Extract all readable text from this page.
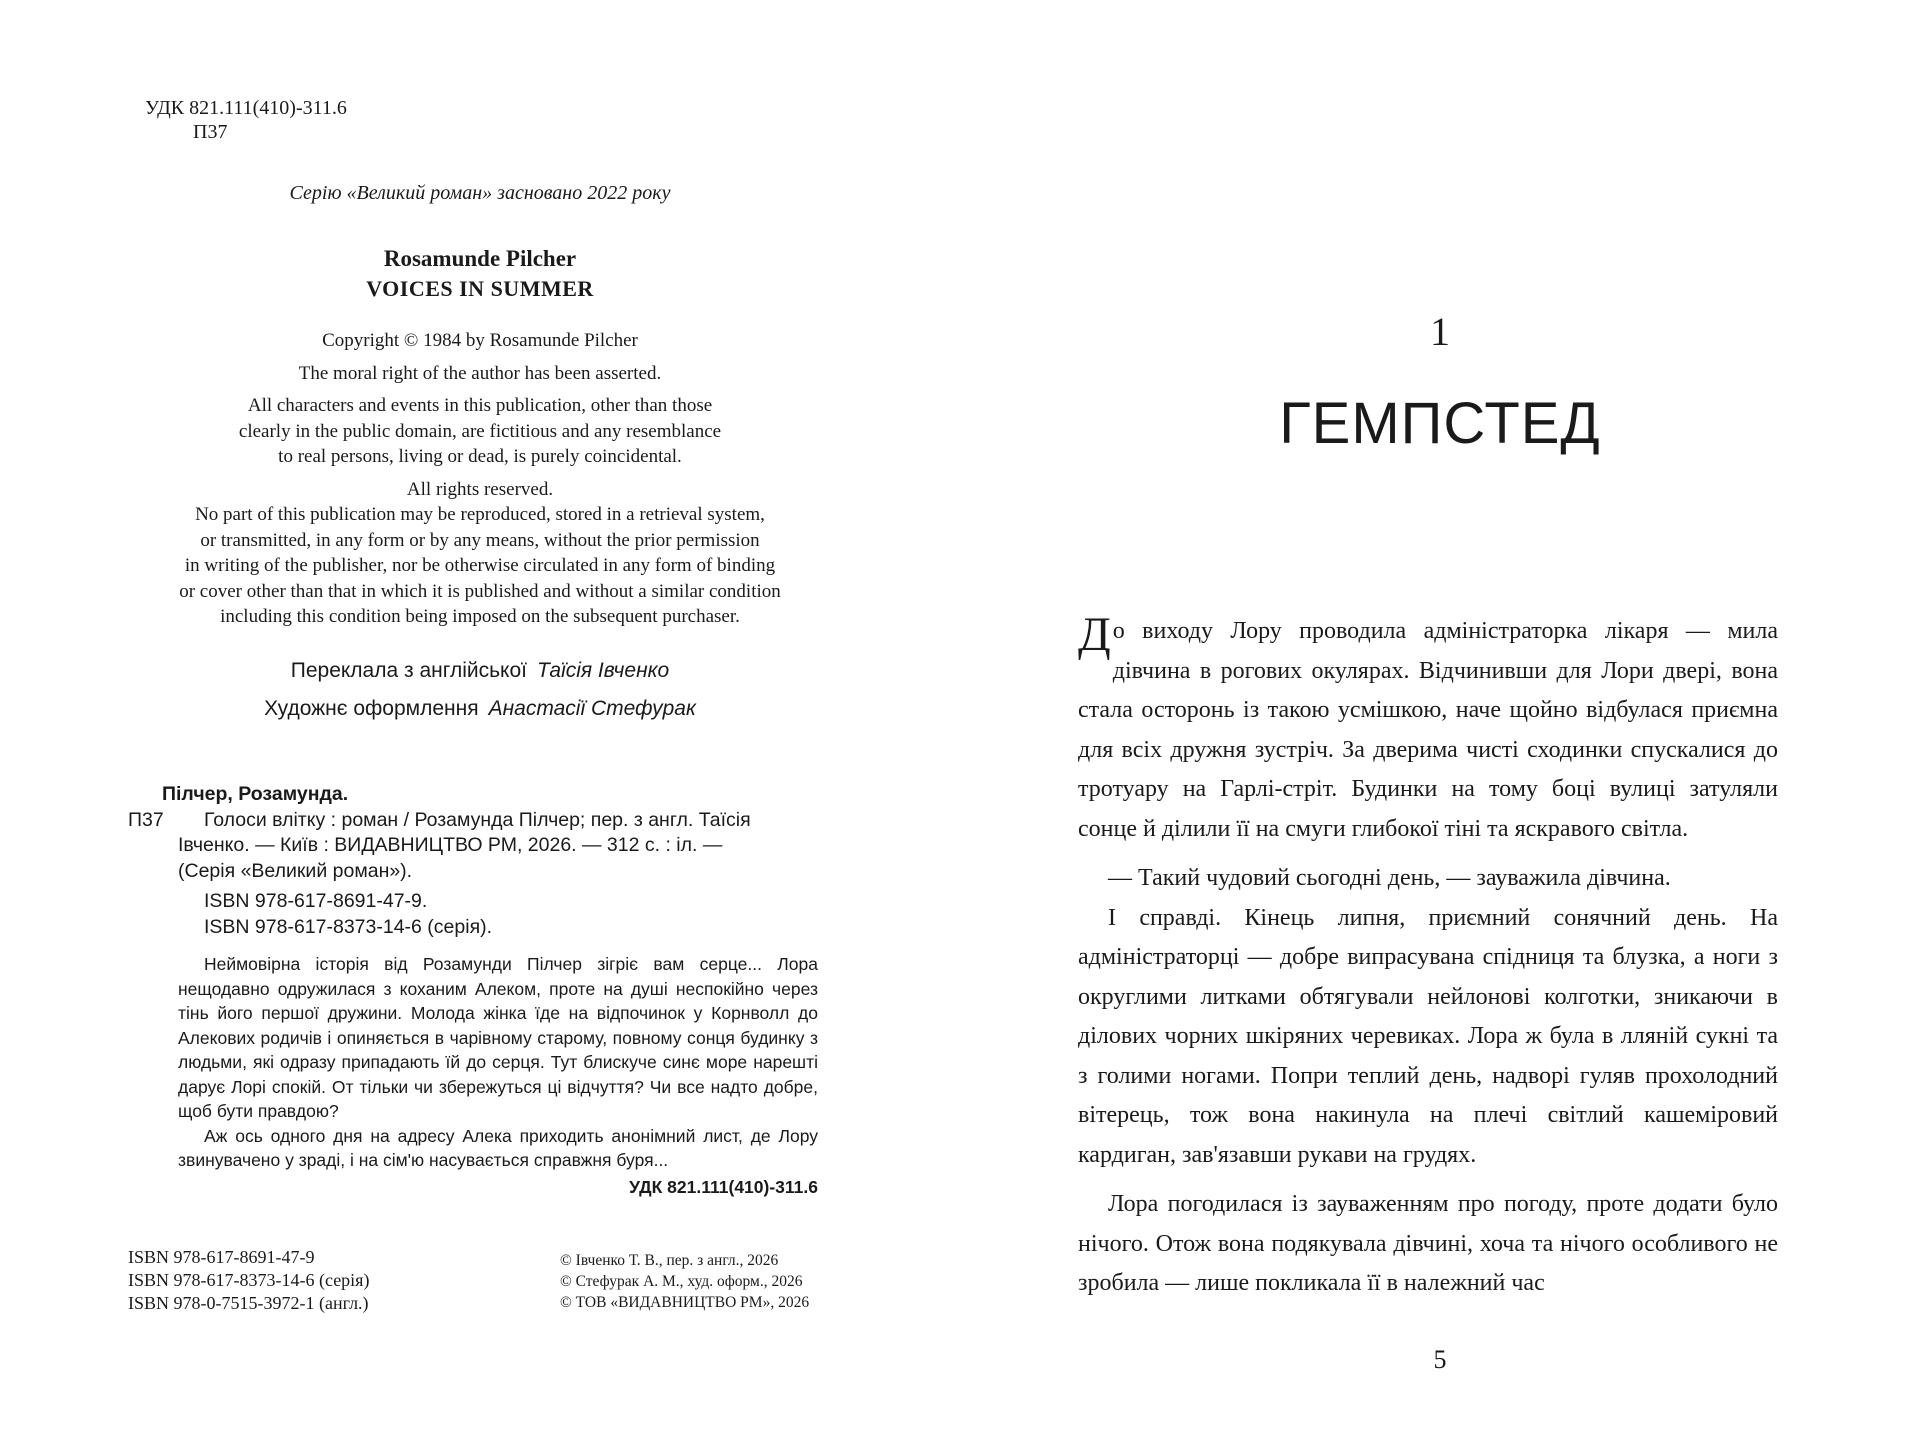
УДК 821.111(410)-311.6
П37
Серію «Великий роман» засновано 2022 року
Rosamunde Pilcher
VOICES IN SUMMER

Copyright © 1984 by Rosamunde Pilcher

The moral right of the author has been asserted.

All characters and events in this publication, other than those
clearly in the public domain, are fictitious and any resemblance
to real persons, living or dead, is purely coincidental.

All rights reserved.

No part of this publication may be reproduced, stored in a retrieval system,
or transmitted, in any form or by any means, without the prior permission
in writing of the publisher, nor be otherwise circulated in any form of binding
or cover other than that in which it is published and without a similar condition
including this condition being imposed on the subsequent purchaser.

Переклала з англійської Таїсія Івченко
Художнє оформлення Анастасії Стефурак
Пілчер, Розамунда.
П37	Голоси влітку : роман / Розамунда Пілчер; пер. з англ. Таїсія
Івченко. — Київ : ВИДАВНИЦТВО РМ, 2026. — 312 с. : іл. —
(Серія «Великий роман»).
ISBN 978-617-8691-47-9.
ISBN 978-617-8373-14-6 (серія).

Неймовірна історія від Розамунди Пілчер зігріє вам серце... Лора нещодавно одружилася з коханим Алеком, проте на душі неспокійно через тінь його першої дружини. Молода жінка їде на відпочинок у Корнволл до Алекових родичів і опиняється в чарівному старому, повному сонця будинку з людьми, які одразу припадають їй до серця. Тут блискуче синє море нарешті дарує Лорі спокій. От тільки чи збережуться ці відчуття? Чи все надто добре, щоб бути правдою?

Аж ось одного дня на адресу Алека приходить анонімний лист, де Лору звинувачено у зраді, і на сім'ю насувається справжня буря...

УДК 821.111(410)-311.6

ISBN 978-617-8691-47-9
ISBN 978-617-8373-14-6 (серія)
ISBN 978-0-7515-3972-1 (англ.)
© Івченко Т. В., пер. з англ., 2026
© Стефурак А. М., худ. оформ., 2026
© ТОВ «ВИДАВНИЦТВО РМ», 2026
1
ГЕМПСТЕД

До виходу Лору проводила адміністраторка лікаря — мила дівчина в рогових окулярах. Відчинивши для Лори двері, вона стала осторонь із такою усмішкою, наче щойно відбулася приємна для всіх дружня зустріч. За дверима чисті сходинки спускалися до тротуару на Гарлі-стріт. Будинки на тому боці вулиці затуляли сонце й ділили її на смуги глибокої тіні та яскравого світла.

— Такий чудовий сьогодні день, — зауважила дівчина.

І справді. Кінець липня, приємний сонячний день. На адміністраторці — добре випрасувана спідниця та блузка, а ноги з округлими литками обтягували нейлонові колготки, зникаючи в ділових чорних шкіряних черевиках. Лора ж була в лляній сукні та з голими ногами. Попри теплий день, надворі гуляв прохолодний вітерець, тож вона накинула на плечі світлий кашеміровий кардиган, зав'язавши рукави на грудях.

Лора погодилася із зауваженням про погоду, проте додати було нічого. Отож вона подякувала дівчині, хоча та нічого особливого не зробила — лише покликала її в належний час

5
